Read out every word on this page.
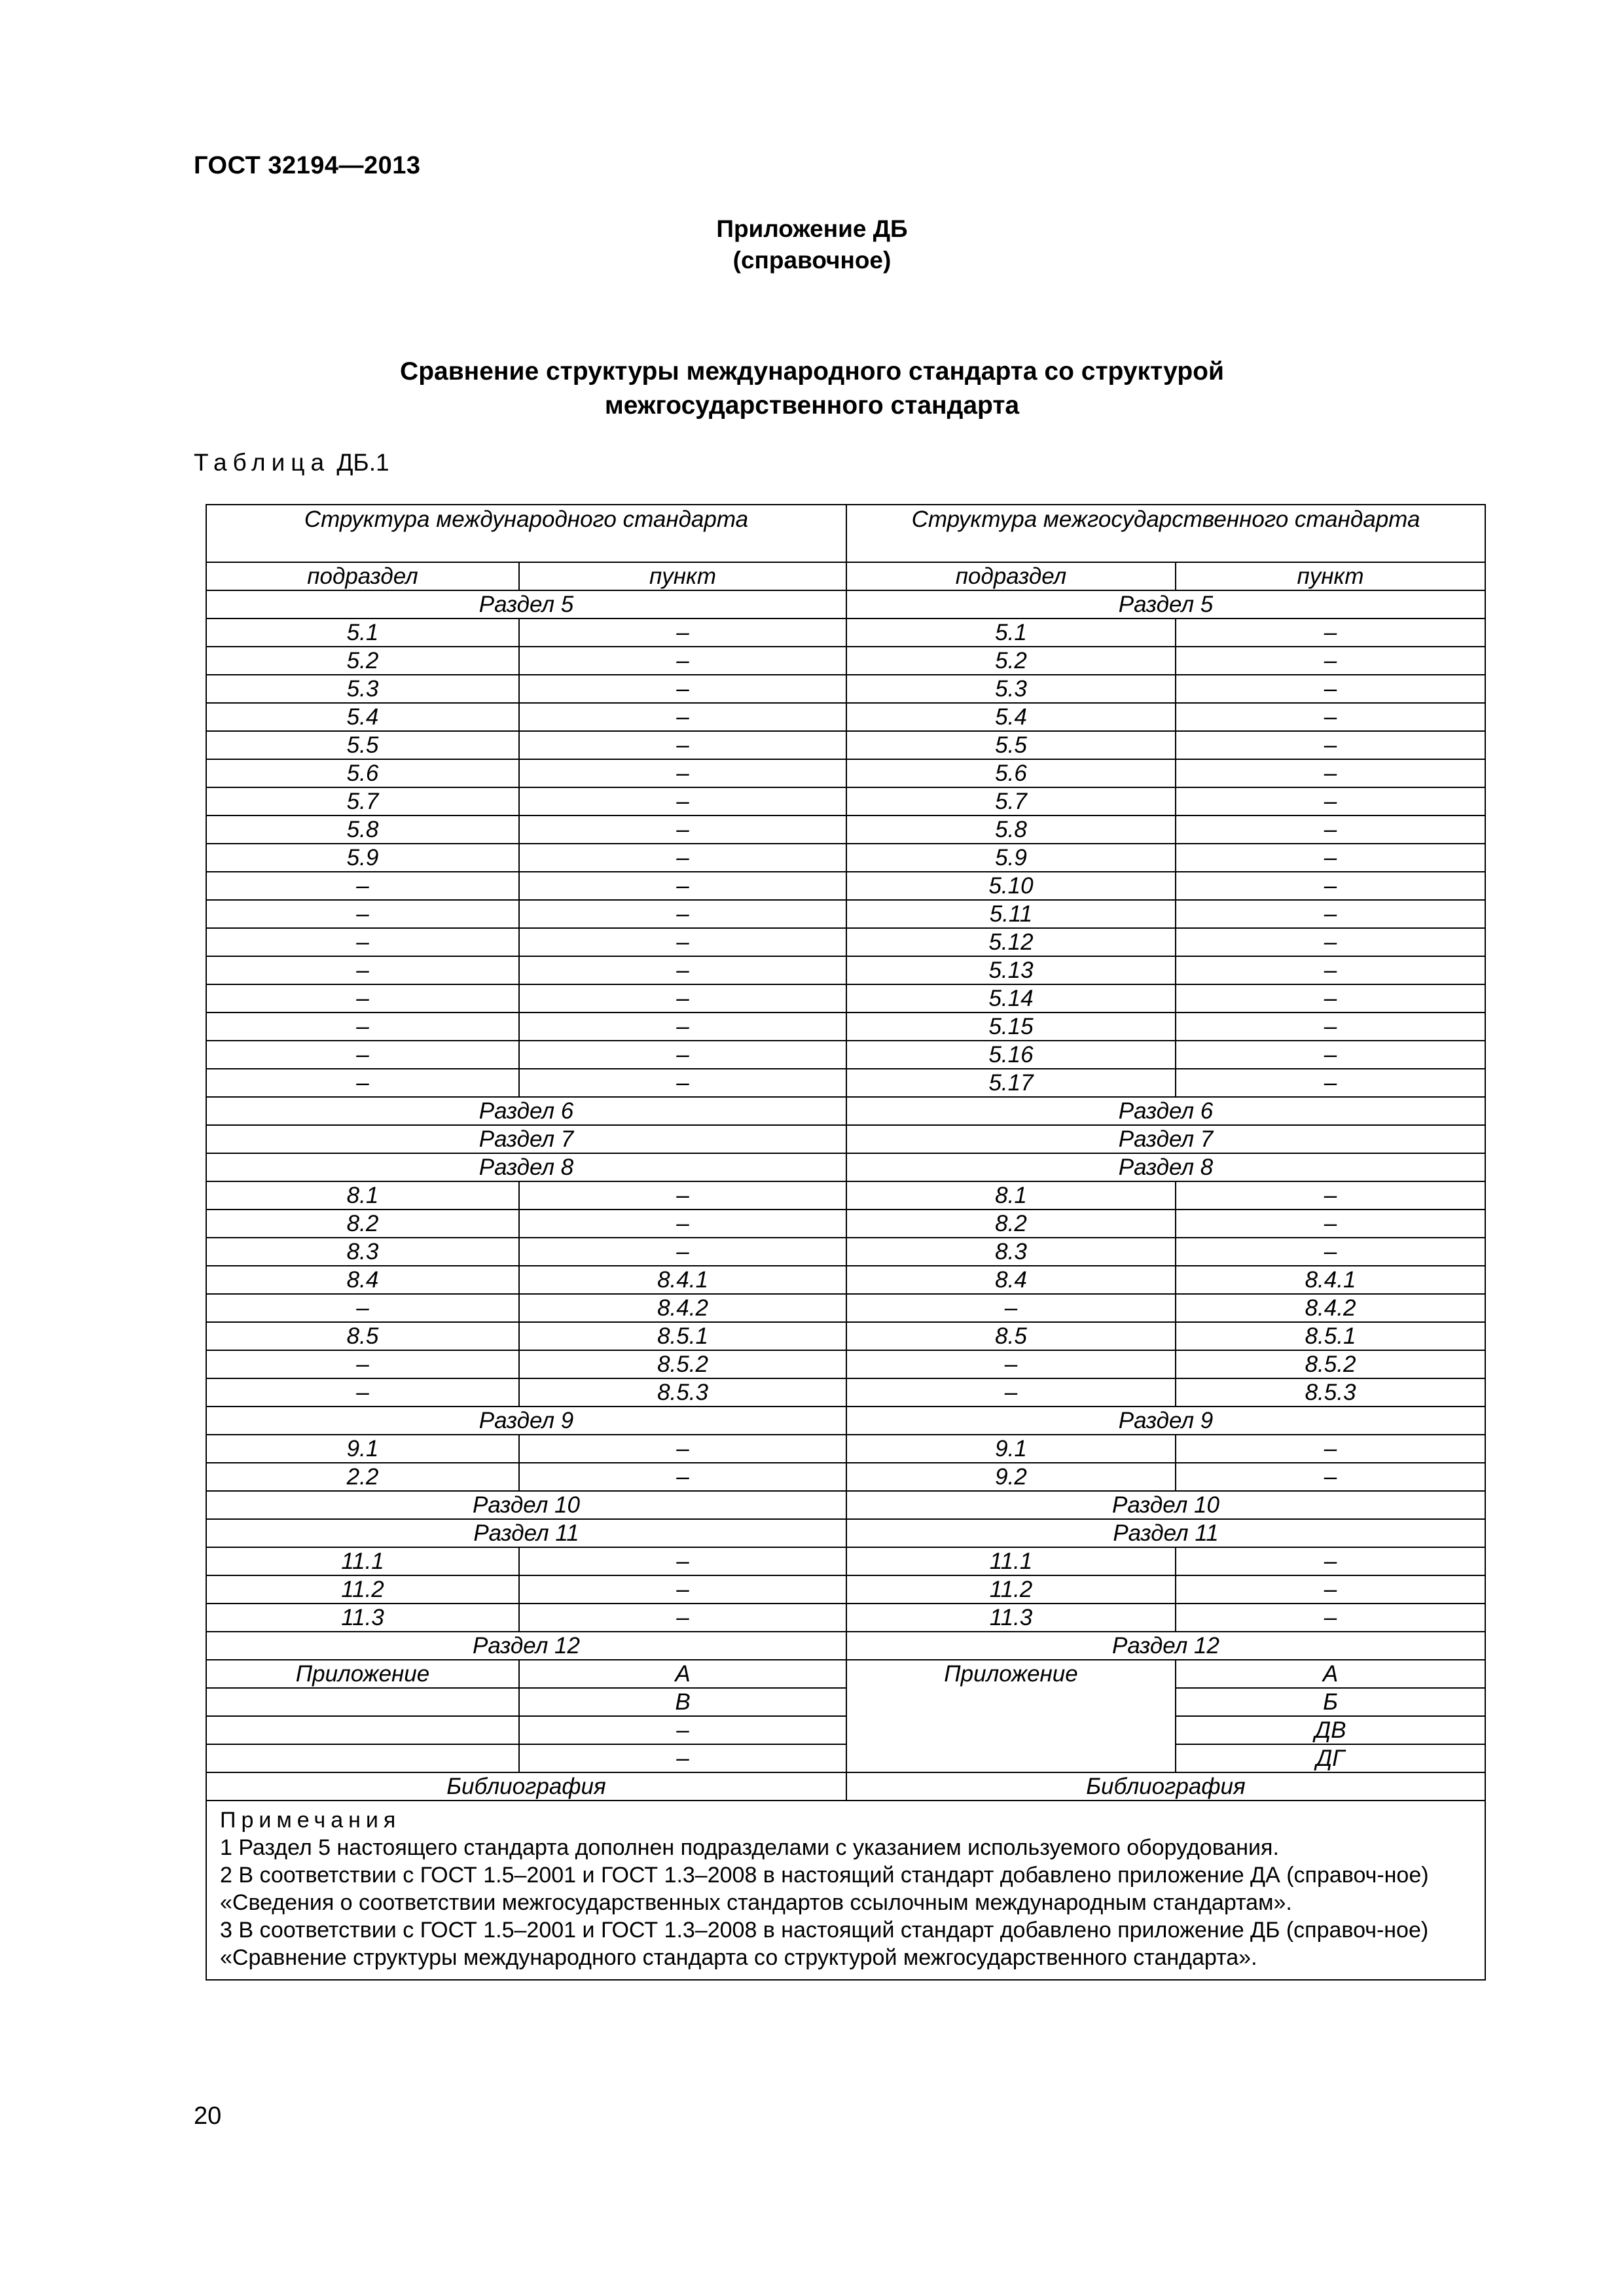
ГОСТ 32194—2013
Приложение ДБ
(справочное)
Сравнение структуры международного стандарта со структурой
межгосударственного стандарта
Таблица ДБ.1
Структура международного стандарта		Структура межгосударственного стандарта	
подраздел	пункт	подраздел	пункт
Раздел 5		Раздел 5	
5.1	–	5.1	–
5.2	–	5.2	–
5.3	–	5.3	–
5.4	–	5.4	–
5.5	–	5.5	–
5.6	–	5.6	–
5.7	–	5.7	–
5.8	–	5.8	–
5.9	–	5.9	–
–	–	5.10	–
–	–	5.11	–
–	–	5.12	–
–	–	5.13	–
–	–	5.14	–
–	–	5.15	–
–	–	5.16	–
–	–	5.17	–
Раздел 6		Раздел 6	
Раздел 7		Раздел 7	
Раздел 8		Раздел 8	
8.1	–	8.1	–
8.2	–	8.2	–
8.3	–	8.3	–
8.4	8.4.1	8.4	8.4.1
–	8.4.2	–	8.4.2
8.5	8.5.1	8.5	8.5.1
–	8.5.2	–	8.5.2
–	8.5.3	–	8.5.3
Раздел 9		Раздел 9	
9.1	–	9.1	–
2.2	–	9.2	–
Раздел 10		Раздел 10	
Раздел 11		Раздел 11	
11.1	–	11.1	–
11.2	–	11.2	–
11.3	–	11.3	–
Раздел 12		Раздел 12	
Приложение	А	Приложение	А
	В		Б
	–		ДВ
	–		ДГ
Библиография		Библиография	

Примечания
1 Раздел 5 настоящего стандарта дополнен подразделами с указанием используемого оборудования.
2 В соответствии с ГОСТ 1.5–2001 и ГОСТ 1.3–2008 в настоящий стандарт добавлено приложение ДА (справоч-ное) «Сведения о соответствии межгосударственных стандартов ссылочным международным стандартам».
3 В соответствии с ГОСТ 1.5–2001 и ГОСТ 1.3–2008 в настоящий стандарт добавлено приложение ДБ (справоч-ное) «Сравнение структуры международного стандарта со структурой межгосударственного стандарта».			
20
